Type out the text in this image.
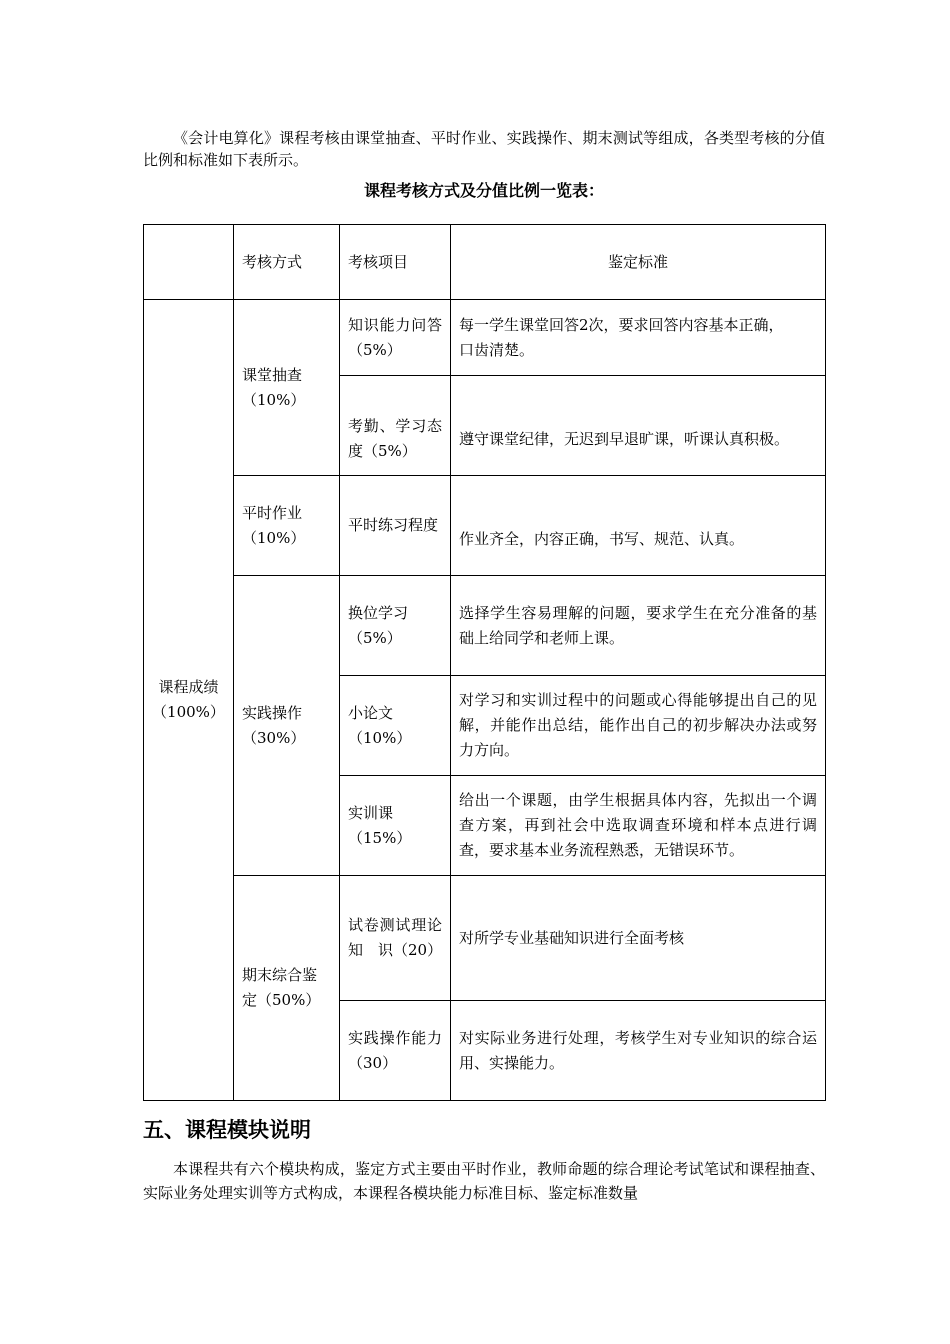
《会计电算化》课程考核由课堂抽查、平时作业、实践操作、期末测试等组成，各类型考核的分值比例和标准如下表所示。

课程考核方式及分值比例一览表：

	考核方式	考核项目	鉴定标准
课程成绩（100%）	课堂抽查（10%）	知识能力问答（5%）	每一学生课堂回答2次，要求回答内容基本正确，
口齿清楚。

		考勤、学习态度（5%）	遵守课堂纪律，无迟到早退旷课，听课认真积极。
	平时作业（10%）	平时练习程度	作业齐全，内容正确，书写、规范、认真。
	实践操作（30%）	换位学习（5%）	选择学生容易理解的问题，要求学生在充分准备的基础上给同学和老师上课。
		小论文（10%）	对学习和实训过程中的问题或心得能够提出自己的见解，并能作出总结，能作出自己的初步解决办法或努力方向。
		实训课（15%）	给出一个课题，由学生根据具体内容，先拟出一个调查方案，再到社会中选取调查环境和样本点进行调查，要求基本业务流程熟悉，无错误环节。
	期末综合鉴定（50%）	试卷测试理论　知　识（20）	对所学专业基础知识进行全面考核
		实践操作能力（30）	对实际业务进行处理，考核学生对专业知识的综合运用、实操能力。
五、课程模块说明

本课程共有六个模块构成，鉴定方式主要由平时作业，教师命题的综合理论考试笔试和课程抽查、实际业务处理实训等方式构成，本课程各模块能力标准目标、鉴定标准数量
